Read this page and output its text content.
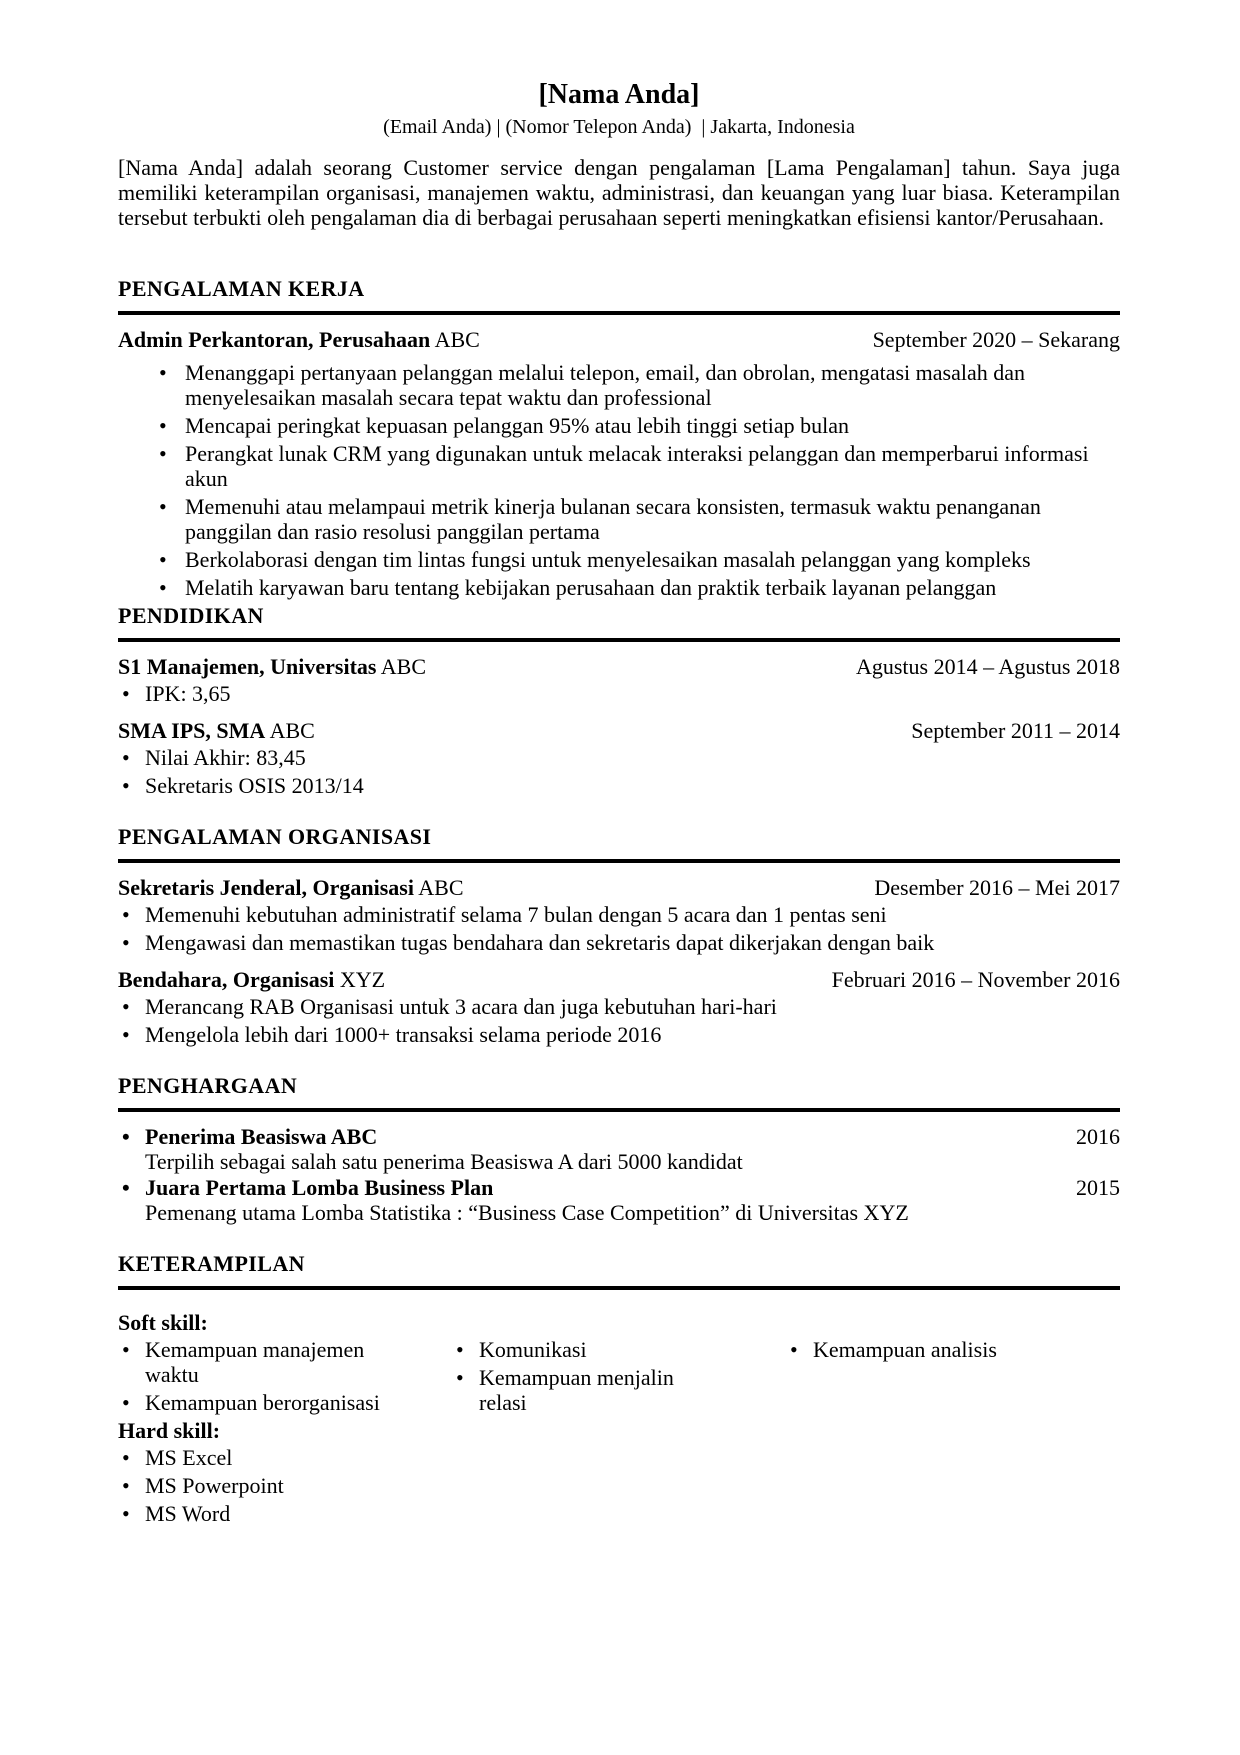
[Nama Anda]
(Email Anda) | (Nomor Telepon Anda)  | Jakarta, Indonesia

[Nama Anda] adalah seorang Customer service dengan pengalaman [Lama Pengalaman] tahun. Saya juga memiliki keterampilan organisasi, manajemen waktu, administrasi, dan keuangan yang luar biasa. Keterampilan tersebut terbukti oleh pengalaman dia di berbagai perusahaan seperti meningkatkan efisiensi kantor/Perusahaan.

PENGALAMAN KERJA
Admin Perkantoran, Perusahaan ABC	September 2020 – Sekarang
• Menanggapi pertanyaan pelanggan melalui telepon, email, dan obrolan, mengatasi masalah dan menyelesaikan masalah secara tepat waktu dan professional
• Mencapai peringkat kepuasan pelanggan 95% atau lebih tinggi setiap bulan
• Perangkat lunak CRM yang digunakan untuk melacak interaksi pelanggan dan memperbarui informasi akun
• Memenuhi atau melampaui metrik kinerja bulanan secara konsisten, termasuk waktu penanganan panggilan dan rasio resolusi panggilan pertama
• Berkolaborasi dengan tim lintas fungsi untuk menyelesaikan masalah pelanggan yang kompleks
• Melatih karyawan baru tentang kebijakan perusahaan dan praktik terbaik layanan pelanggan
PENDIDIKAN
S1 Manajemen, Universitas ABC	Agustus 2014 – Agustus 2018
• IPK: 3,65
SMA IPS, SMA ABC	September 2011 – 2014
• Nilai Akhir: 83,45
• Sekretaris OSIS 2013/14
PENGALAMAN ORGANISASI
Sekretaris Jenderal, Organisasi ABC	Desember 2016 – Mei 2017
• Memenuhi kebutuhan administratif selama 7 bulan dengan 5 acara dan 1 pentas seni
• Mengawasi dan memastikan tugas bendahara dan sekretaris dapat dikerjakan dengan baik
Bendahara, Organisasi XYZ	Februari 2016 – November 2016
• Merancang RAB Organisasi untuk 3 acara dan juga kebutuhan hari-hari
• Mengelola lebih dari 1000+ transaksi selama periode 2016
PENGHARGAAN
• Penerima Beasiswa ABC	2016
Terpilih sebagai salah satu penerima Beasiswa A dari 5000 kandidat
• Juara Pertama Lomba Business Plan	2015
Pemenang utama Lomba Statistika : “Business Case Competition” di Universitas XYZ
KETERAMPILAN
Soft skill:
• Kemampuan manajemen waktu
• Kemampuan berorganisasi
• Komunikasi
• Kemampuan menjalin relasi
• Kemampuan analisis
Hard skill:
• MS Excel
• MS Powerpoint
• MS Word
